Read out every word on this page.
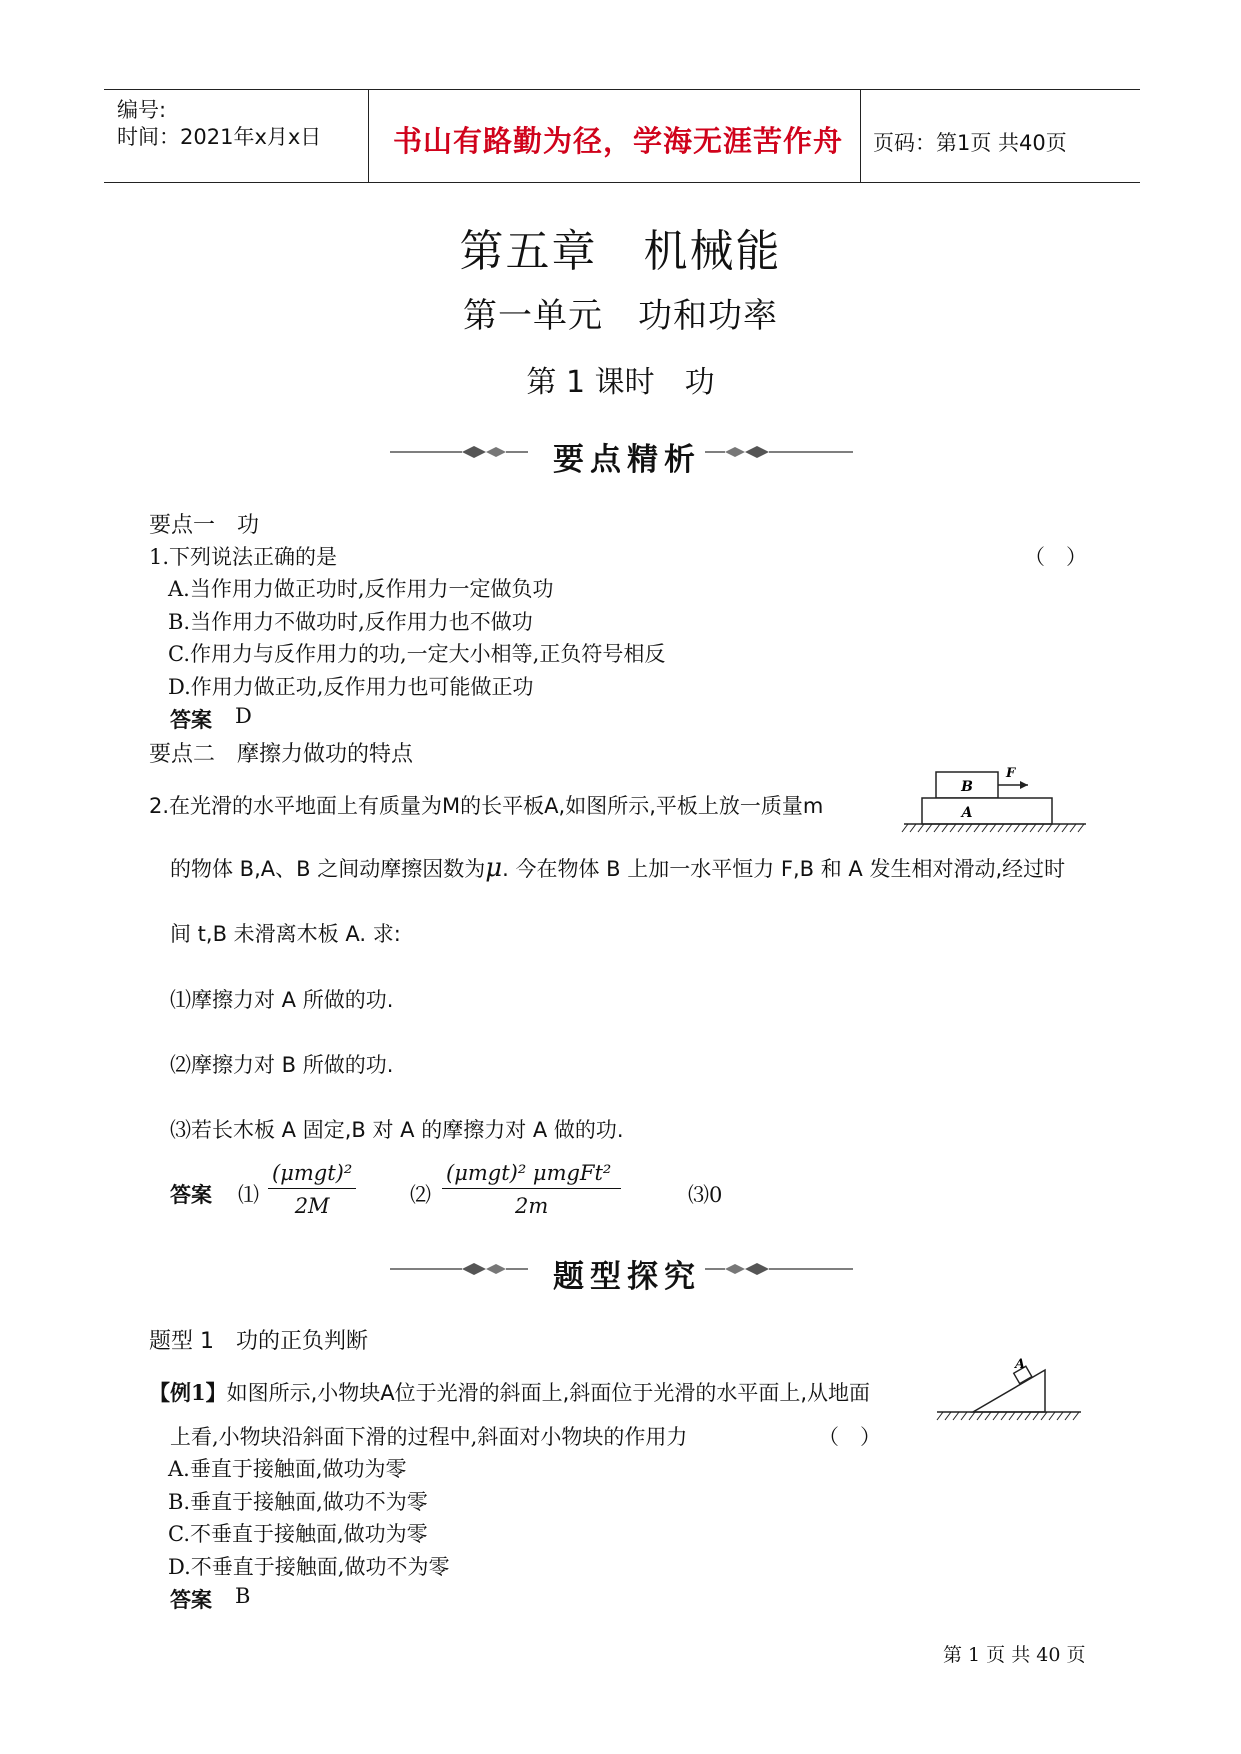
编号:
时间：2021年x月x日 书山有路勤为径，学海无涯苦作舟 页码：第1页 共40页
第五章　机械能
第一单元　功和功率
第 1 课时　功
要点精析
要点一　功
1.下列说法正确的是	（　）
A.当作用力做正功时,反作用力一定做负功
B.当作用力不做功时,反作用力也不做功
C.作用力与反作用力的功,一定大小相等,正负符号相反
D.作用力做正功,反作用力也可能做正功
答案 D
要点二　摩擦力做功的特点
2.在光滑的水平地面上有质量为M的长平板A,如图所示,平板上放一质量m
B
F
A
的物体 B,A、B 之间动摩擦因数为μ. 今在物体 B 上加一水平恒力 F,B 和 A 发生相对滑动,经过时
间 t,B 未滑离木板 A. 求:
⑴摩擦力对 A 所做的功.
⑵摩擦力对 B 所做的功.
⑶若长木板 A 固定,B 对 A 的摩擦力对 A 做的功.
答案 ⑴
(μmgt)²
2M	⑵
(μmgt)² μmgFt²
2m	⑶0
题型探究
题型 1　功的正负判断
【例1】如图所示,小物块A位于光滑的斜面上,斜面位于光滑的水平面上,从地面
A
上看,小物块沿斜面下滑的过程中,斜面对小物块的作用力	（　）
A.垂直于接触面,做功为零
B.垂直于接触面,做功不为零
C.不垂直于接触面,做功为零
D.不垂直于接触面,做功不为零
答案 B
第 1 页 共 40 页
